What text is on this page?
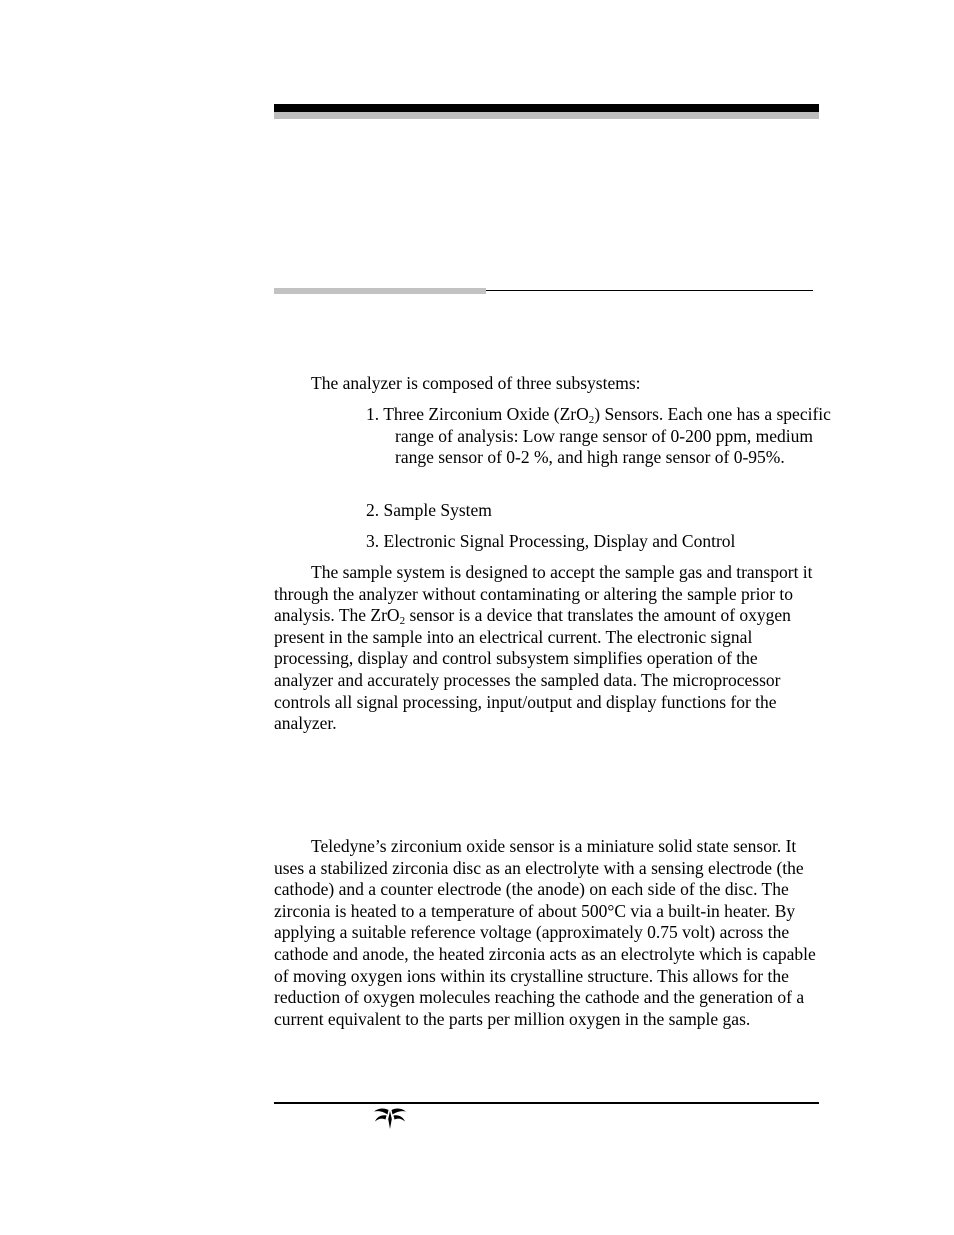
The analyzer is composed of three subsystems:

1. Three Zirconium Oxide (ZrO$_2$) Sensors. Each one has a specific range of analysis: Low range sensor of 0-200 ppm, medium range sensor of 0-2 %, and high range sensor of 0-95%.

2. Sample System

3. Electronic Signal Processing, Display and Control

The sample system is designed to accept the sample gas and transport it through the analyzer without contaminating or altering the sample prior to analysis. The ZrO$_2$ sensor is a device that translates the amount of oxygen present in the sample into an electrical current. The electronic signal processing, display and control subsystem simplifies operation of the analyzer and accurately processes the sampled data. The microprocessor controls all signal processing, input/output and display functions for the analyzer.

Teledyne’s zirconium oxide sensor is a miniature solid state sensor. It uses a stabilized zirconia disc as an electrolyte with a sensing electrode (the cathode) and a counter electrode (the anode) on each side of the disc. The zirconia is heated to a temperature of about 500°C via a built-in heater. By applying a suitable reference voltage (approximately 0.75 volt) across the cathode and anode, the heated zirconia acts as an electrolyte which is capable of moving oxygen ions within its crystalline structure. This allows for the reduction of oxygen molecules reaching the cathode and the generation of a current equivalent to the parts per million oxygen in the sample gas.
